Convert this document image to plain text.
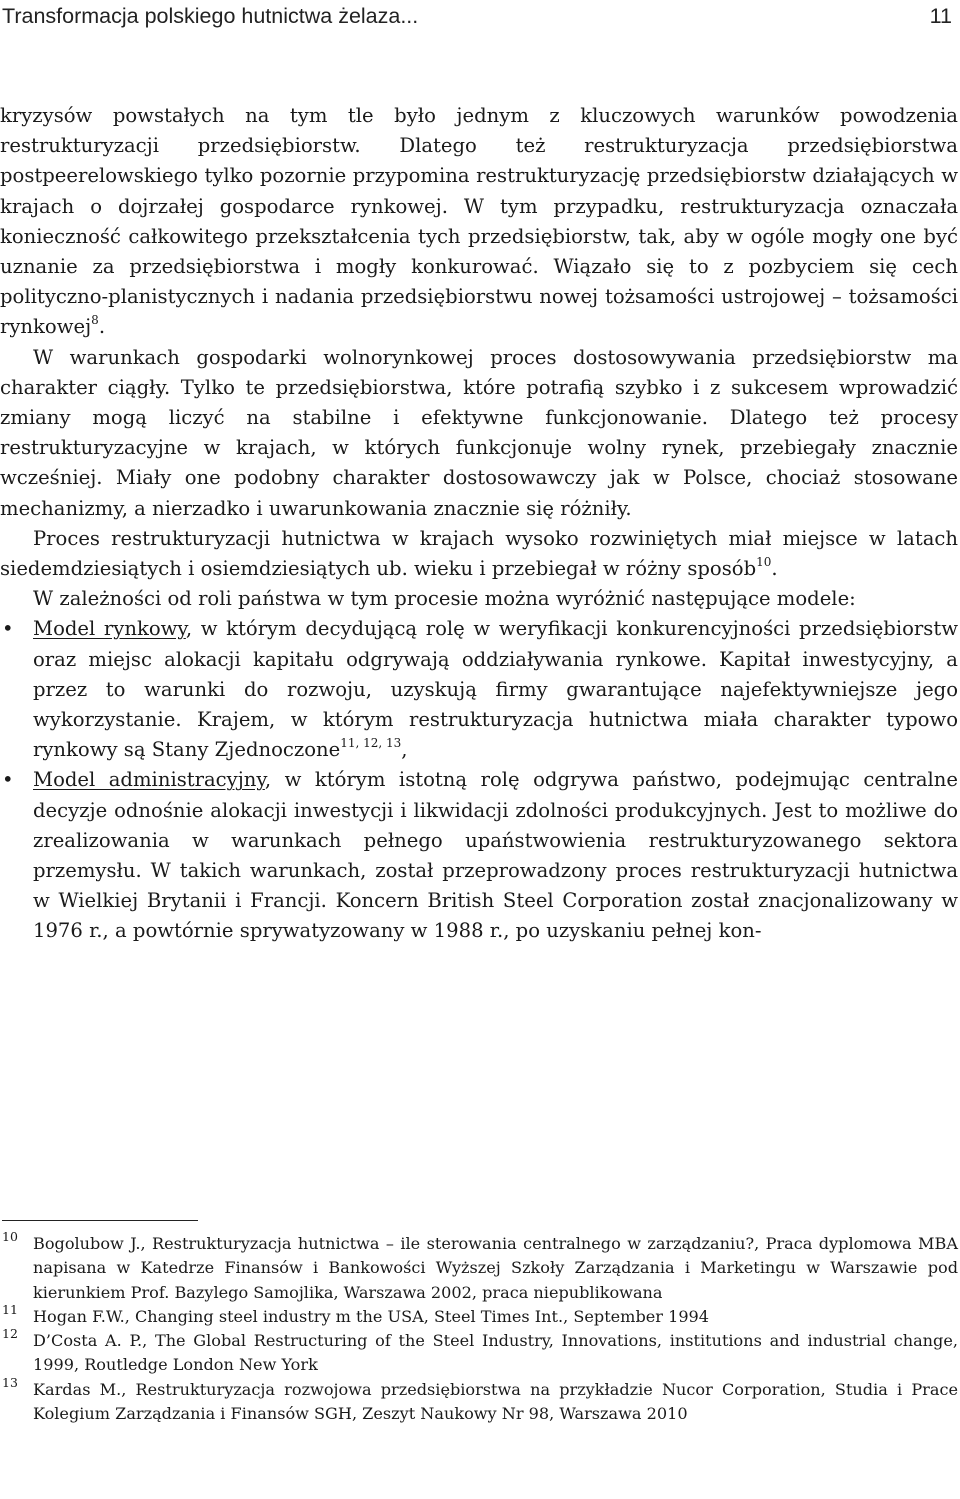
Transformacja polskiego hutnictwa żelaza...	11

kryzysów powstałych na tym tle było jednym z kluczowych warunków powodzenia restrukturyzacji przedsiębiorstw. Dlatego też restrukturyzacja przedsiębiorstwa postpeerelowskiego tylko pozornie przypomina restrukturyzację przedsiębiorstw działających w krajach o dojrzałej gospodarce rynkowej. W tym przypadku, restrukturyzacja oznaczała konieczność całkowitego przekształcenia tych przedsiębiorstw, tak, aby w ogóle mogły one być uznanie za przedsiębiorstwa i mogły konkurować. Wiązało się to z pozbyciem się cech polityczno-planistycznych i nadania przedsiębiorstwu nowej tożsamości ustrojowej – tożsamości rynkowej$^8$.

W warunkach gospodarki wolnorynkowej proces dostosowywania przedsiębiorstw ma charakter ciągły. Tylko te przedsiębiorstwa, które potrafią szybko i z sukcesem wprowadzić zmiany mogą liczyć na stabilne i efektywne funkcjonowanie. Dlatego też procesy restrukturyzacyjne w krajach, w których funkcjonuje wolny rynek, przebiegały znacznie wcześniej. Miały one podobny charakter dostosowawczy jak w Polsce, chociaż stosowane mechanizmy, a nierzadko i uwarunkowania znacznie się różniły.

Proces restrukturyzacji hutnictwa w krajach wysoko rozwiniętych miał miejsce w latach siedemdziesiątych i osiemdziesiątych ub. wieku i przebiegał w różny sposób$^{10}$.

W zależności od roli państwa w tym procesie można wyróżnić następujące modele:

• Model rynkowy, w którym decydującą rolę w weryfikacji konkurencyjności przedsiębiorstw oraz miejsc alokacji kapitału odgrywają oddziaływania rynkowe. Kapitał inwestycyjny, a przez to warunki do rozwoju, uzyskują firmy gwarantujące najefektywniejsze jego wykorzystanie. Krajem, w którym restrukturyzacja hutnictwa miała charakter typowo rynkowy są Stany Zjednoczone$^{11, 12, 13}$,
• Model administracyjny, w którym istotną rolę odgrywa państwo, podejmując centralne decyzje odnośnie alokacji inwestycji i likwidacji zdolności produkcyjnych. Jest to możliwe do zrealizowania w warunkach pełnego upaństwowienia restrukturyzowanego sektora przemysłu. W takich warunkach, został przeprowadzony proces restrukturyzacji hutnictwa w Wielkiej Brytanii i Francji. Koncern British Steel Corporation został znacjonalizowany w 1976 r., a powtórnie sprywatyzowany w 1988 r., po uzyskaniu pełnej kon-
10 Bogolubow J., Restrukturyzacja hutnictwa – ile sterowania centralnego w zarządzaniu?, Praca dyplomowa MBA napisana w Katedrze Finansów i Bankowości Wyższej Szkoły Zarządzania i Marketingu w Warszawie pod kierunkiem Prof. Bazylego Samojlika, Warszawa 2002, praca niepublikowana
11 Hogan F.W., Changing steel industry m the USA, Steel Times Int., September 1994
12 D’Costa A. P., The Global Restructuring of the Steel Industry, Innovations, institutions and industrial change, 1999, Routledge London New York
13 Kardas M., Restrukturyzacja rozwojowa przedsiębiorstwa na przykładzie Nucor Corporation, Studia i Prace Kolegium Zarządzania i Finansów SGH, Zeszyt Naukowy Nr 98, Warszawa 2010
